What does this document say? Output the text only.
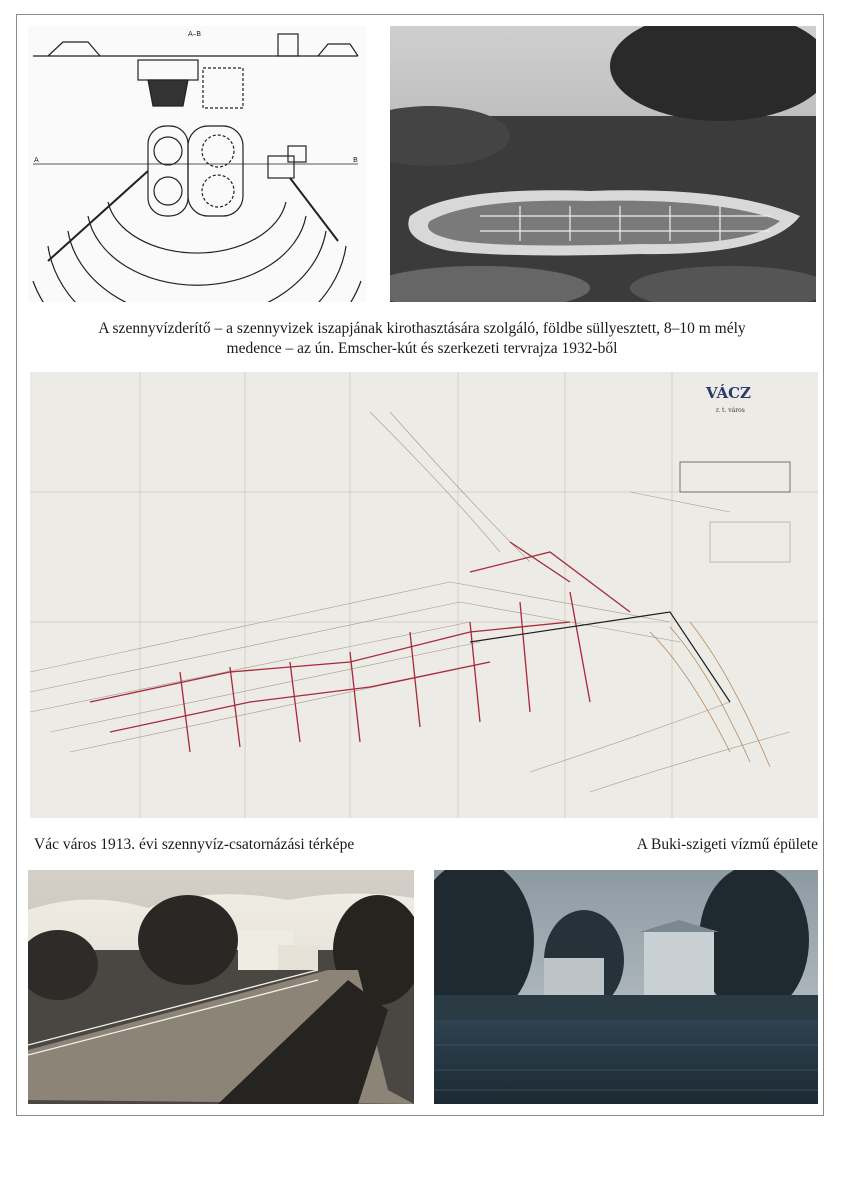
A–B
A	B
A szennyvízderítő – a szennyvizek iszapjának kirothasztására szolgáló, földbe süllyesztett, 8–10 m mély
medence – az ún. Emscher-kút és szerkezeti tervrajza 1932-ből
VÁCZ
r. t. város
Vác város 1913. évi szennyvíz-csatornázási térképe	A Buki-szigeti vízmű épülete
